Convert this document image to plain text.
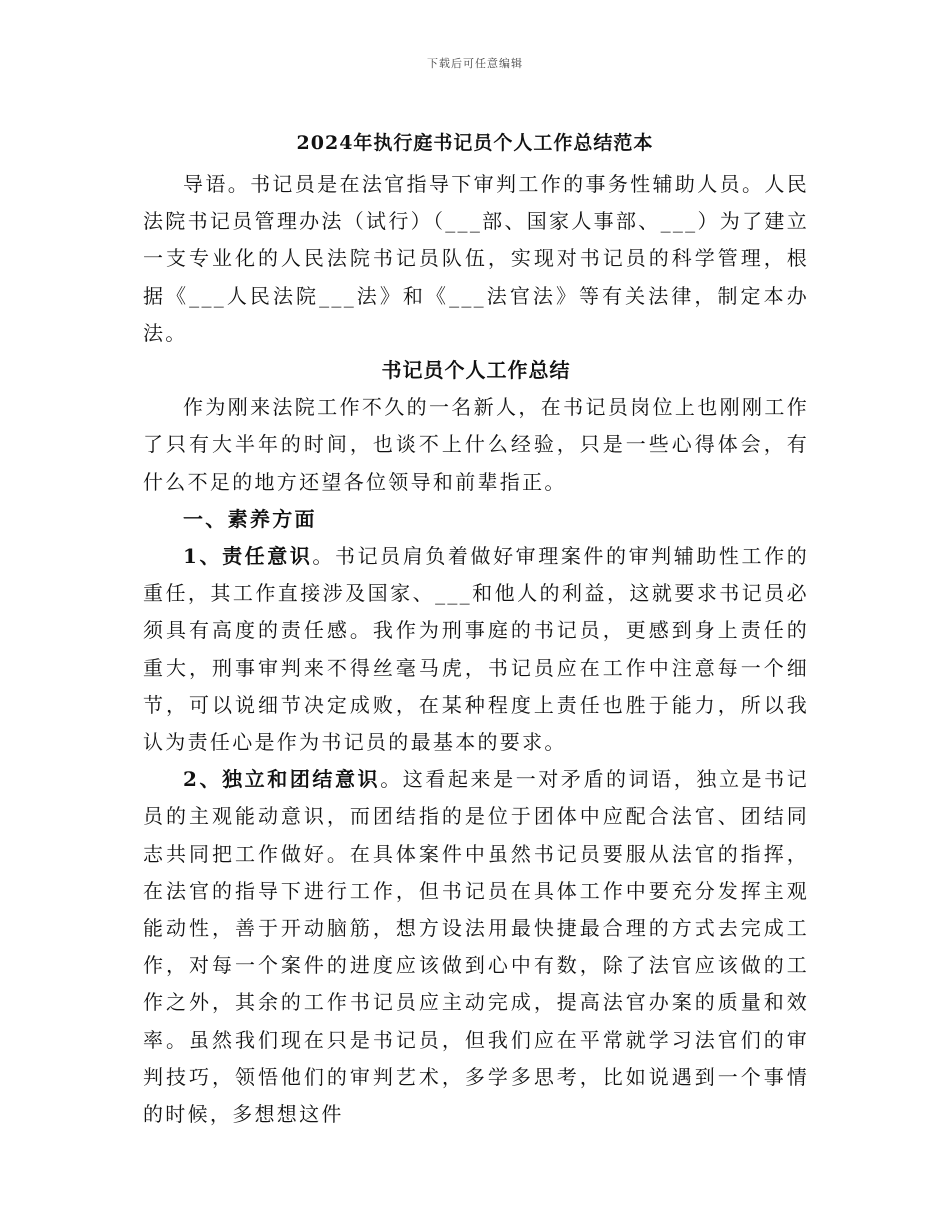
下载后可任意编辑
2024年执行庭书记员个人工作总结范本

导语。书记员是在法官指导下审判工作的事务性辅助人员。人民法院书记员管理办法（试行）（___部、国家人事部、___）为了建立一支专业化的人民法院书记员队伍，实现对书记员的科学管理，根据《___人民法院___法》和《___法官法》等有关法律，制定本办法。

书记员个人工作总结

作为刚来法院工作不久的一名新人，在书记员岗位上也刚刚工作了只有大半年的时间，也谈不上什么经验，只是一些心得体会，有什么不足的地方还望各位领导和前辈指正。

一、素养方面

1、责任意识。书记员肩负着做好审理案件的审判辅助性工作的重任，其工作直接涉及国家、___和他人的利益，这就要求书记员必须具有高度的责任感。我作为刑事庭的书记员，更感到身上责任的重大，刑事审判来不得丝毫马虎，书记员应在工作中注意每一个细节，可以说细节决定成败，在某种程度上责任也胜于能力，所以我认为责任心是作为书记员的最基本的要求。

2、独立和团结意识。这看起来是一对矛盾的词语，独立是书记员的主观能动意识，而团结指的是位于团体中应配合法官、团结同志共同把工作做好。在具体案件中虽然书记员要服从法官的指挥，在法官的指导下进行工作，但书记员在具体工作中要充分发挥主观能动性，善于开动脑筋，想方设法用最快捷最合理的方式去完成工作，对每一个案件的进度应该做到心中有数，除了法官应该做的工作之外，其余的工作书记员应主动完成，提高法官办案的质量和效率。虽然我们现在只是书记员，但我们应在平常就学习法官们的审判技巧，领悟他们的审判艺术，多学多思考，比如说遇到一个事情的时候，多想想这件
